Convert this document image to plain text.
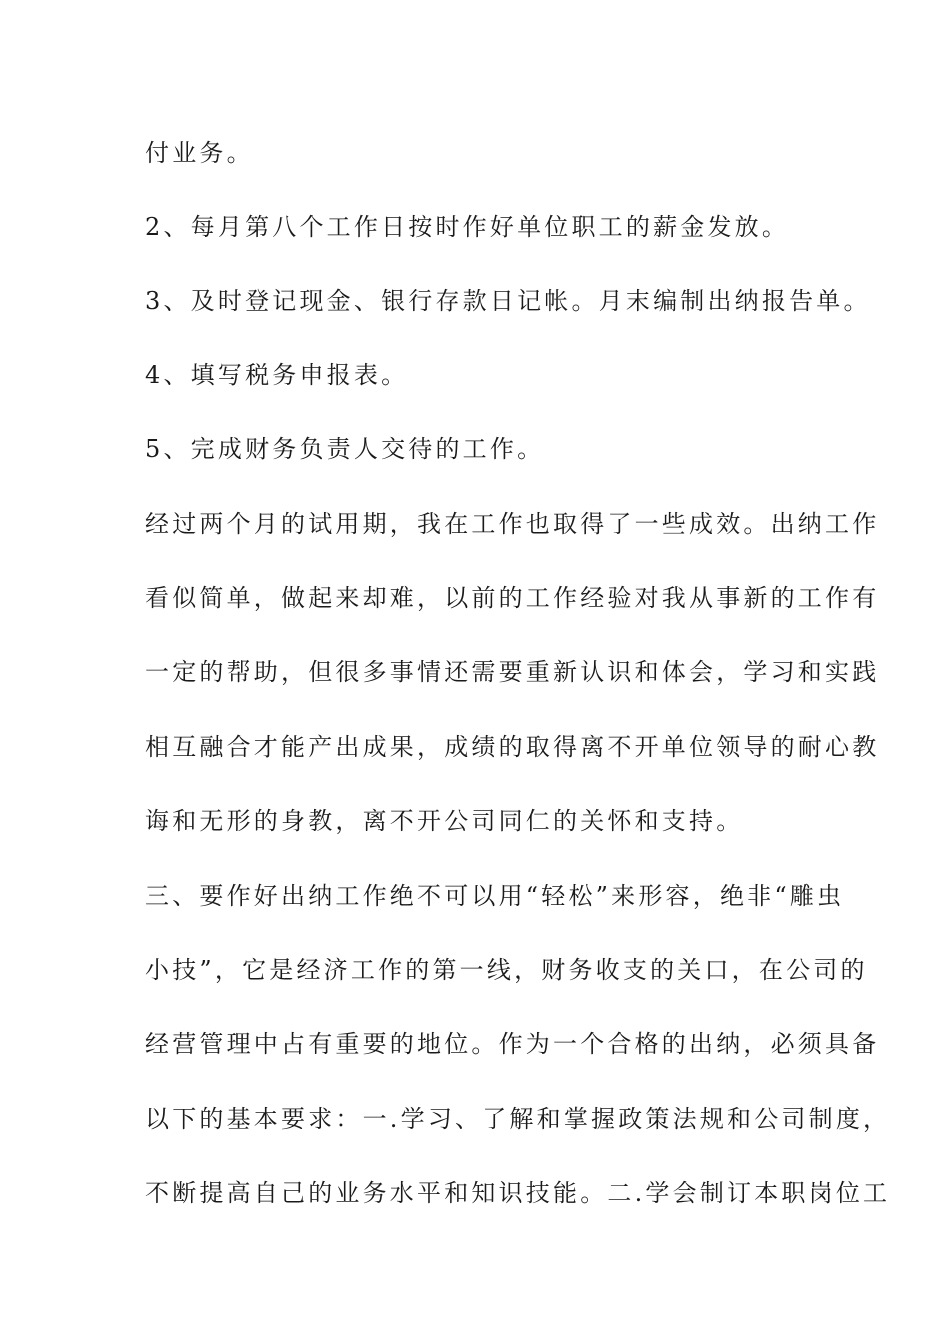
付业务。
2、每月第八个工作日按时作好单位职工的薪金发放。
3、及时登记现金、银行存款日记帐。月末编制出纳报告单。
4、填写税务申报表。
5、完成财务负责人交待的工作。
经过两个月的试用期，我在工作也取得了一些成效。出纳工作
看似简单，做起来却难，以前的工作经验对我从事新的工作有
一定的帮助，但很多事情还需要重新认识和体会，学习和实践
相互融合才能产出成果，成绩的取得离不开单位领导的耐心教
诲和无形的身教，离不开公司同仁的关怀和支持。
三、要作好出纳工作绝不可以用“轻松”来形容，绝非“雕虫
小技”，它是经济工作的第一线，财务收支的关口，在公司的
经营管理中占有重要的地位。作为一个合格的出纳，必须具备
以下的基本要求：一.学习、了解和掌握政策法规和公司制度，
不断提高自己的业务水平和知识技能。二.学会制订本职岗位工
